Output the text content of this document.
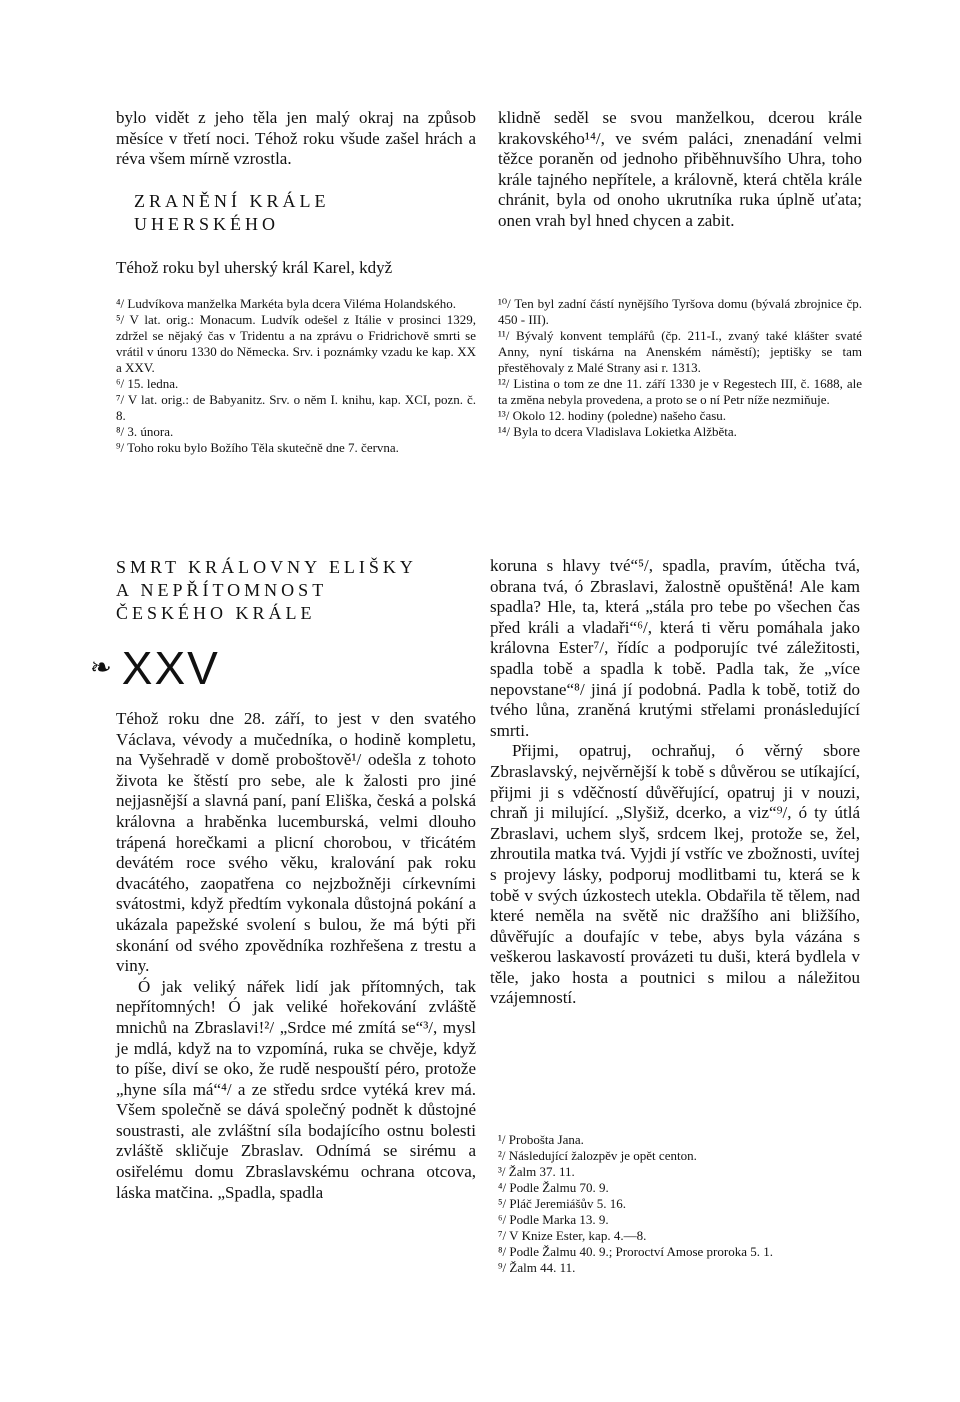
bylo vidět z jeho těla jen malý okraj na způsob měsíce v třetí noci. Téhož roku všude zašel hrách a réva všem mírně vzrostla.

ZRANĚNÍ KRÁLE

UHERSKÉHO

Téhož roku byl uherský král Karel, když

klidně seděl se svou manželkou, dcerou krále krakovského¹⁴/, ve svém paláci, znenadání velmi těžce poraněn od jednoho přiběhnuvšího Uhra, toho krále tajného nepřítele, a královně, která chtěla krále chránit, byla od onoho ukrutníka ruka úplně uťata; onen vrah byl hned chycen a zabit.

⁴/ Ludvíkova manželka Markéta byla dcera Viléma Holandského.

⁵/ V lat. orig.: Monacum. Ludvík odešel z Itálie v prosinci 1329, zdržel se nějaký čas v Tridentu a na zprávu o Fridrichově smrti se vrátil v únoru 1330 do Německa. Srv. i poznámky vzadu ke kap. XX a XXV.

⁶/ 15. ledna.

⁷/ V lat. orig.: de Babyanitz. Srv. o něm I. knihu, kap. XCI, pozn. č. 8.

⁸/ 3. února.

⁹/ Toho roku bylo Božího Těla skutečně dne 7. června.

¹⁰/ Ten byl zadní částí nynějšího Tyršova domu (bývalá zbrojnice čp. 450 - III).

¹¹/ Bývalý konvent templářů (čp. 211-I., zvaný také klášter svaté Anny, nyní tiskárna na Anenském náměstí); jeptišky se tam přestěhovaly z Malé Strany asi r. 1313.

¹²/ Listina o tom ze dne 11. září 1330 je v Regestech III, č. 1688, ale ta změna nebyla provedena, a proto se o ní Petr níže nezmiňuje.

¹³/ Okolo 12. hodiny (poledne) našeho času.

¹⁴/ Byla to dcera Vladislava Lokietka Alžběta.

SMRT KRÁLOVNY ELIŠKY

A NEPŘÍTOMNOST

ČESKÉHO KRÁLE

❧ XXV

Téhož roku dne 28. září, to jest v den svatého Václava, vévody a mučedníka, o hodině kompletu, na Vyšehradě v domě proboštově¹/ odešla z tohoto života ke štěstí pro sebe, ale k žalosti pro jiné nejjasnější a slavná paní, paní Eliška, česká a polská královna a hraběnka lucemburská, velmi dlouho trápená horečkami a plicní chorobou, v třicátém devátém roce svého věku, kralování pak roku dvacátého, zaopatřena co nejzbožněji církevními svátostmi, když předtím vykonala důstojná pokání a ukázala papežské svolení s bulou, že má býti při skonání od svého zpovědníka rozhřešena z trestu a viny.

Ó jak veliký nářek lidí jak přítomných, tak nepřítomných! Ó jak veliké hořekování zvláště mnichů na Zbraslavi!²/ „Srdce mé zmítá se“³/, mysl je mdlá, když na to vzpomíná, ruka se chvěje, když to píše, diví se oko, že rudě nespouští péro, protože „hyne síla má“⁴/ a ze středu srdce vytéká krev má. Všem společně se dává společný podnět k důstojné soustrasti, ale zvláštní síla bodajícího ostnu bolesti zvláště skličuje Zbraslav. Odnímá se sirému a osiřelému domu Zbraslavskému ochrana otcova, láska matčina. „Spadla, spadla

koruna s hlavy tvé“⁵/, spadla, pravím, útěcha tvá, obrana tvá, ó Zbraslavi, žalostně opuštěná! Ale kam spadla? Hle, ta, která „stála pro tebe po všechen čas před králi a vladaři“⁶/, která ti věru pomáhala jako královna Ester⁷/, řídíc a podporujíc tvé záležitosti, spadla tobě a spadla k tobě. Padla tak, že „více nepovstane“⁸/ jiná jí podobná. Padla k tobě, totiž do tvého lůna, zraněná krutými střelami pronásledující smrti.

Přijmi, opatruj, ochraňuj, ó věrný sbore Zbraslavský, nejvěrnější k tobě s důvěrou se utíkající, přijmi ji s vděčností důvěřující, opatruj ji v nouzi, chraň ji milující. „Slyšiž, dcerko, a viz“⁹/, ó ty útlá Zbraslavi, uchem slyš, srdcem lkej, protože se, žel, zhroutila matka tvá. Vyjdi jí vstříc ve zbožnosti, uvítej s projevy lásky, podporuj modlitbami tu, která se k tobě v svých úzkostech utekla. Obdařila tě tělem, nad které neměla na světě nic dražšího ani bližšího, důvěřujíc a doufajíc v tebe, abys byla vázána s veškerou laskavostí provázeti tu duši, která bydlela v těle, jako hosta a poutnici s milou a náležitou vzájemností.

¹/ Probošta Jana.

²/ Následující žalozpěv je opět centon.

³/ Žalm 37. 11.

⁴/ Podle Žalmu 70. 9.

⁵/ Pláč Jeremiášův 5. 16.

⁶/ Podle Marka 13. 9.

⁷/ V Knize Ester, kap. 4.—8.

⁸/ Podle Žalmu 40. 9.; Proroctví Amose proroka 5. 1.

⁹/ Žalm 44. 11.
